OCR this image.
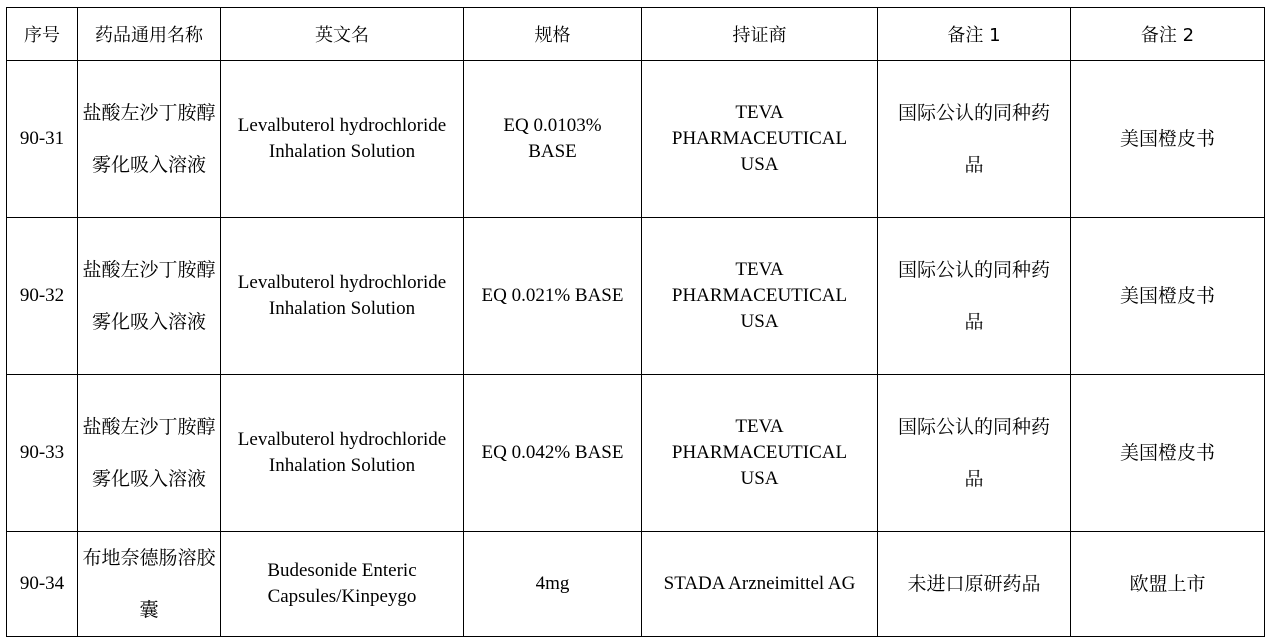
序号	药品通用名称	英文名	规格	持证商	备注 1	备注 2
90-31	盐酸左沙丁胺醇雾化吸入溶液	Levalbuterol hydrochloride Inhalation Solution	EQ 0.0103% BASE	TEVA PHARMACEUTICAL USA	国际公认的同种药品	美国橙皮书
90-32	盐酸左沙丁胺醇雾化吸入溶液	Levalbuterol hydrochloride Inhalation Solution	EQ 0.021% BASE	TEVA PHARMACEUTICAL USA	国际公认的同种药品	美国橙皮书
90-33	盐酸左沙丁胺醇雾化吸入溶液	Levalbuterol hydrochloride Inhalation Solution	EQ 0.042% BASE	TEVA PHARMACEUTICAL USA	国际公认的同种药品	美国橙皮书
90-34	布地奈德肠溶胶囊	Budesonide Enteric Capsules/Kinpeygo	4mg	STADA Arzneimittel AG	未进口原研药品	欧盟上市
